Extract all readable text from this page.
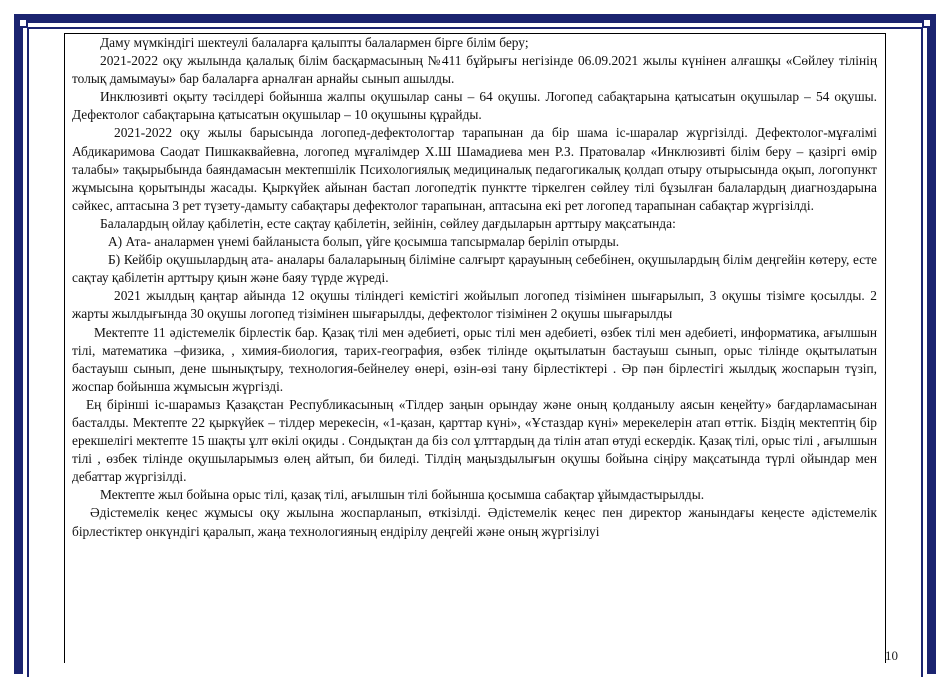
Даму мүмкіндігі шектеулі балаларға қалыпты балалармен бірге білім беру;

2021-2022 оқу жылында қалалық білім басқармасының №411 бұйрығы негізінде 06.09.2021 жылы күнінен алғашқы «Сөйлеу тілінің толық дамымауы» бар балаларға арналған арнайы сынып ашылды.

Инклюзивті оқыту тәсілдері бойынша жалпы оқушылар саны – 64 оқушы. Логопед сабақтарына қатысатын оқушылар – 54 оқушы. Дефектолог сабақтарына қатысатын оқушылар – 10 оқушыны құрайды.

2021-2022 оқу жылы барысында логопед-дефектологтар тарапынан да бір шама іс-шаралар жүргізілді. Дефектолог-мұғалімі Абдикаримова Саодат Пишкаквайевна, логопед мұғалімдер Х.Ш Шамадиева мен Р.З. Пратовалар «Инклюзивті білім беру – қазіргі өмір талабы» тақырыбында баяндамасын мектепшілік Психологиялық медициналық педагогикалық қолдап отыру отырысында оқып, логопункт жұмысына қорытынды жасады. Қыркүйек айынан бастап логопедтік пунктте тіркелген сөйлеу тілі бұзылған балалардың диагноздарына сәйкес, аптасына 3 рет түзету-дамыту сабақтары дефектолог тарапынан, аптасына екі рет логопед тарапынан сабақтар жүргізілді.

Балалардың ойлау қабілетін, есте сақтау қабілетін, зейінін, сөйлеу дағдыларын арттыру мақсатында:

А) Ата- аналармен үнемі байланыста болып, үйге қосымша тапсырмалар беріліп отырды.

Б) Кейбір оқушылардың ата- аналары балаларының біліміне салғырт қарауының себебінен, оқушылардың білім деңгейін көтеру, есте сақтау қабілетін арттыру қиын және баяу түрде жүреді.

2021 жылдың қаңтар айында 12 оқушы тіліндегі кемістігі жойылып логопед тізімінен шығарылып, 3 оқушы тізімге қосылды. 2 жарты жылдығында 30 оқушы логопед тізімінен шығарылды, дефектолог тізімінен 2 оқушы шығарылды

Мектепте 11 әдістемелік бірлестік бар. Қазақ тілі мен әдебиеті, орыс тілі мен әдебиеті, өзбек тілі мен әдебиеті, информатика, ағылшын тілі, математика –физика, , химия-биология, тарих-география, өзбек тілінде оқытылатын бастауыш сынып, орыс тілінде оқытылатын бастауыш сынып, дене шынықтыру, технология-бейнелеу өнері, өзін-өзі тану бірлестіктері . Әр пән бірлестігі жылдық жоспарын түзіп, жоспар бойынша жұмысын жүргізді.

Ең бірінші іс-шарамыз Қазақстан Республикасының «Тілдер заңын орындау және оның қолданылу аясын кеңейту» бағдарламасынан басталды. Мектепте 22 қыркүйек – тілдер мерекесін, «1-қазан, қарттар күні», «Ұстаздар күні» мерекелерін атап өттік. Біздің мектептің бір ерекшелігі мектепте 15 шақты ұлт өкілі оқиды . Сондықтан да біз сол ұлттардың да тілін атап өтуді ескердік. Қазақ тілі, орыс тілі , ағылшын тілі , өзбек тілінде оқушыларымыз өлең айтып, би биледі. Тілдің маңыздылығын оқушы бойына сіңіру мақсатында түрлі ойындар мен дебаттар жүргізілді.

Мектепте жыл бойына орыс тілі, қазақ тілі, ағылшын тілі бойынша қосымша сабақтар ұйымдастырылды.

Әдістемелік кеңес жұмысы оқу жылына жоспарланып, өткізілді. Әдістемелік кеңес пен директор жанындағы кеңесте әдістемелік бірлестіктер онкүндігі қаралып, жаңа технологияның ендірілу деңгейі және оның жүргізілуі

10
